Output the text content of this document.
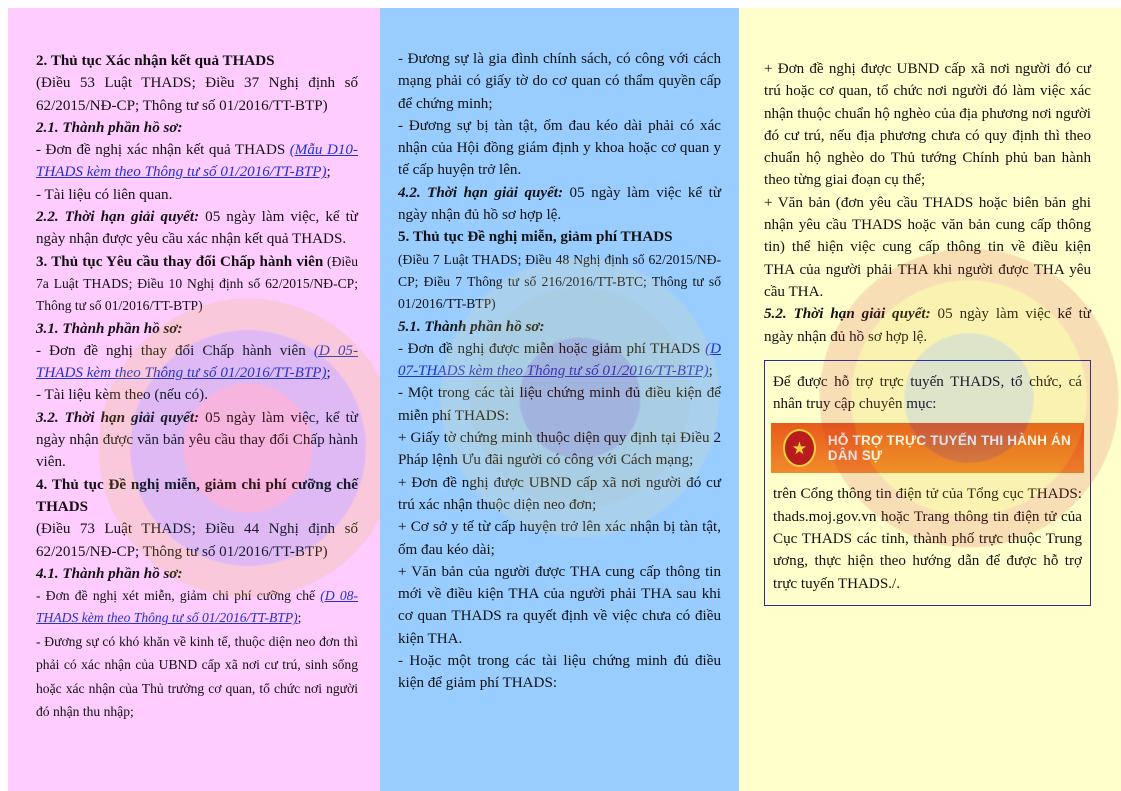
2. Thủ tục Xác nhận kết quả THADS

(Điều 53 Luật THADS; Điều 37 Nghị định số 62/2015/NĐ-CP; Thông tư số 01/2016/TT-BTP)

2.1. Thành phần hồ sơ:

- Đơn đề nghị xác nhận kết quả THADS (Mẫu D10-THADS kèm theo Thông tư số 01/2016/TT-BTP);

- Tài liệu có liên quan.

2.2. Thời hạn giải quyết: 05 ngày làm việc, kể từ ngày nhận được yêu cầu xác nhận kết quả THADS.

3. Thủ tục Yêu cầu thay đổi Chấp hành viên (Điều 7a Luật THADS; Điều 10 Nghị định số 62/2015/NĐ-CP; Thông tư số 01/2016/TT-BTP)

3.1. Thành phần hồ sơ:

- Đơn đề nghị thay đổi Chấp hành viên (D 05-THADS kèm theo Thông tư số 01/2016/TT-BTP);

- Tài liệu kèm theo (nếu có).

3.2. Thời hạn giải quyết: 05 ngày làm việc, kể từ ngày nhận được văn bản yêu cầu thay đổi Chấp hành viên.

4. Thủ tục Đề nghị miễn, giảm chi phí cưỡng chế THADS

(Điều 73 Luật THADS; Điều 44 Nghị định số 62/2015/NĐ-CP; Thông tư số 01/2016/TT-BTP)

4.1. Thành phần hồ sơ:

- Đơn đề nghị xét miễn, giảm chi phí cưỡng chế (D 08-THADS kèm theo Thông tư số 01/2016/TT-BTP);

- Đương sự có khó khăn về kinh tế, thuộc diện neo đơn thì phải có xác nhận của UBND cấp xã nơi cư trú, sinh sống hoặc xác nhận của Thủ trưởng cơ quan, tổ chức nơi người đó nhận thu nhập;

- Đương sự là gia đình chính sách, có công với cách mạng phải có giấy tờ do cơ quan có thẩm quyền cấp để chứng minh;

- Đương sự bị tàn tật, ốm đau kéo dài phải có xác nhận của Hội đồng giám định y khoa hoặc cơ quan y tế cấp huyện trở lên.

4.2. Thời hạn giải quyết: 05 ngày làm việc kể từ ngày nhận đủ hồ sơ hợp lệ.

5. Thủ tục Đề nghị miễn, giảm phí THADS

(Điều 7 Luật THADS; Điều 48 Nghị định số 62/2015/NĐ-CP; Điều 7 Thông tư số 216/2016/TT-BTC; Thông tư số 01/2016/TT-BTP)

5.1. Thành phần hồ sơ:

- Đơn đề nghị được miễn hoặc giảm phí THADS (D 07-THADS kèm theo Thông tư số 01/2016/TT-BTP);

- Một trong các tài liệu chứng minh đủ điều kiện để miễn phí THADS:

+ Giấy tờ chứng minh thuộc diện quy định tại Điều 2 Pháp lệnh Ưu đãi người có công với Cách mạng;

+ Đơn đề nghị được UBND cấp xã nơi người đó cư trú xác nhận thuộc diện neo đơn;

+ Cơ sở y tế từ cấp huyện trở lên xác nhận bị tàn tật, ốm đau kéo dài;

+ Văn bản của người được THA cung cấp thông tin mới về điều kiện THA của người phải THA sau khi cơ quan THADS ra quyết định về việc chưa có điều kiện THA.

- Hoặc một trong các tài liệu chứng minh đủ điều kiện để giảm phí THADS:

+ Đơn đề nghị được UBND cấp xã nơi người đó cư trú hoặc cơ quan, tổ chức nơi người đó làm việc xác nhận thuộc chuẩn hộ nghèo của địa phương nơi người đó cư trú, nếu địa phương chưa có quy định thì theo chuẩn hộ nghèo do Thủ tướng Chính phủ ban hành theo từng giai đoạn cụ thể;

+ Văn bản (đơn yêu cầu THADS hoặc biên bản ghi nhận yêu cầu THADS hoặc văn bản cung cấp thông tin) thể hiện việc cung cấp thông tin về điều kiện THA của người phải THA khi người được THA yêu cầu THA.

5.2. Thời hạn giải quyết: 05 ngày làm việc kể từ ngày nhận đủ hồ sơ hợp lệ.

Để được hỗ trợ trực tuyến THADS, tổ chức, cá nhân truy cập chuyên mục:

HỖ TRỢ TRỰC TUYẾN THI HÀNH ÁN DÂN SỰ

trên Cổng thông tin điện tử của Tổng cục THADS: thads.moj.gov.vn hoặc Trang thông tin điện tử của Cục THADS các tỉnh, thành phố trực thuộc Trung ương, thực hiện theo hướng dẫn để được hỗ trợ trực tuyến THADS./.
